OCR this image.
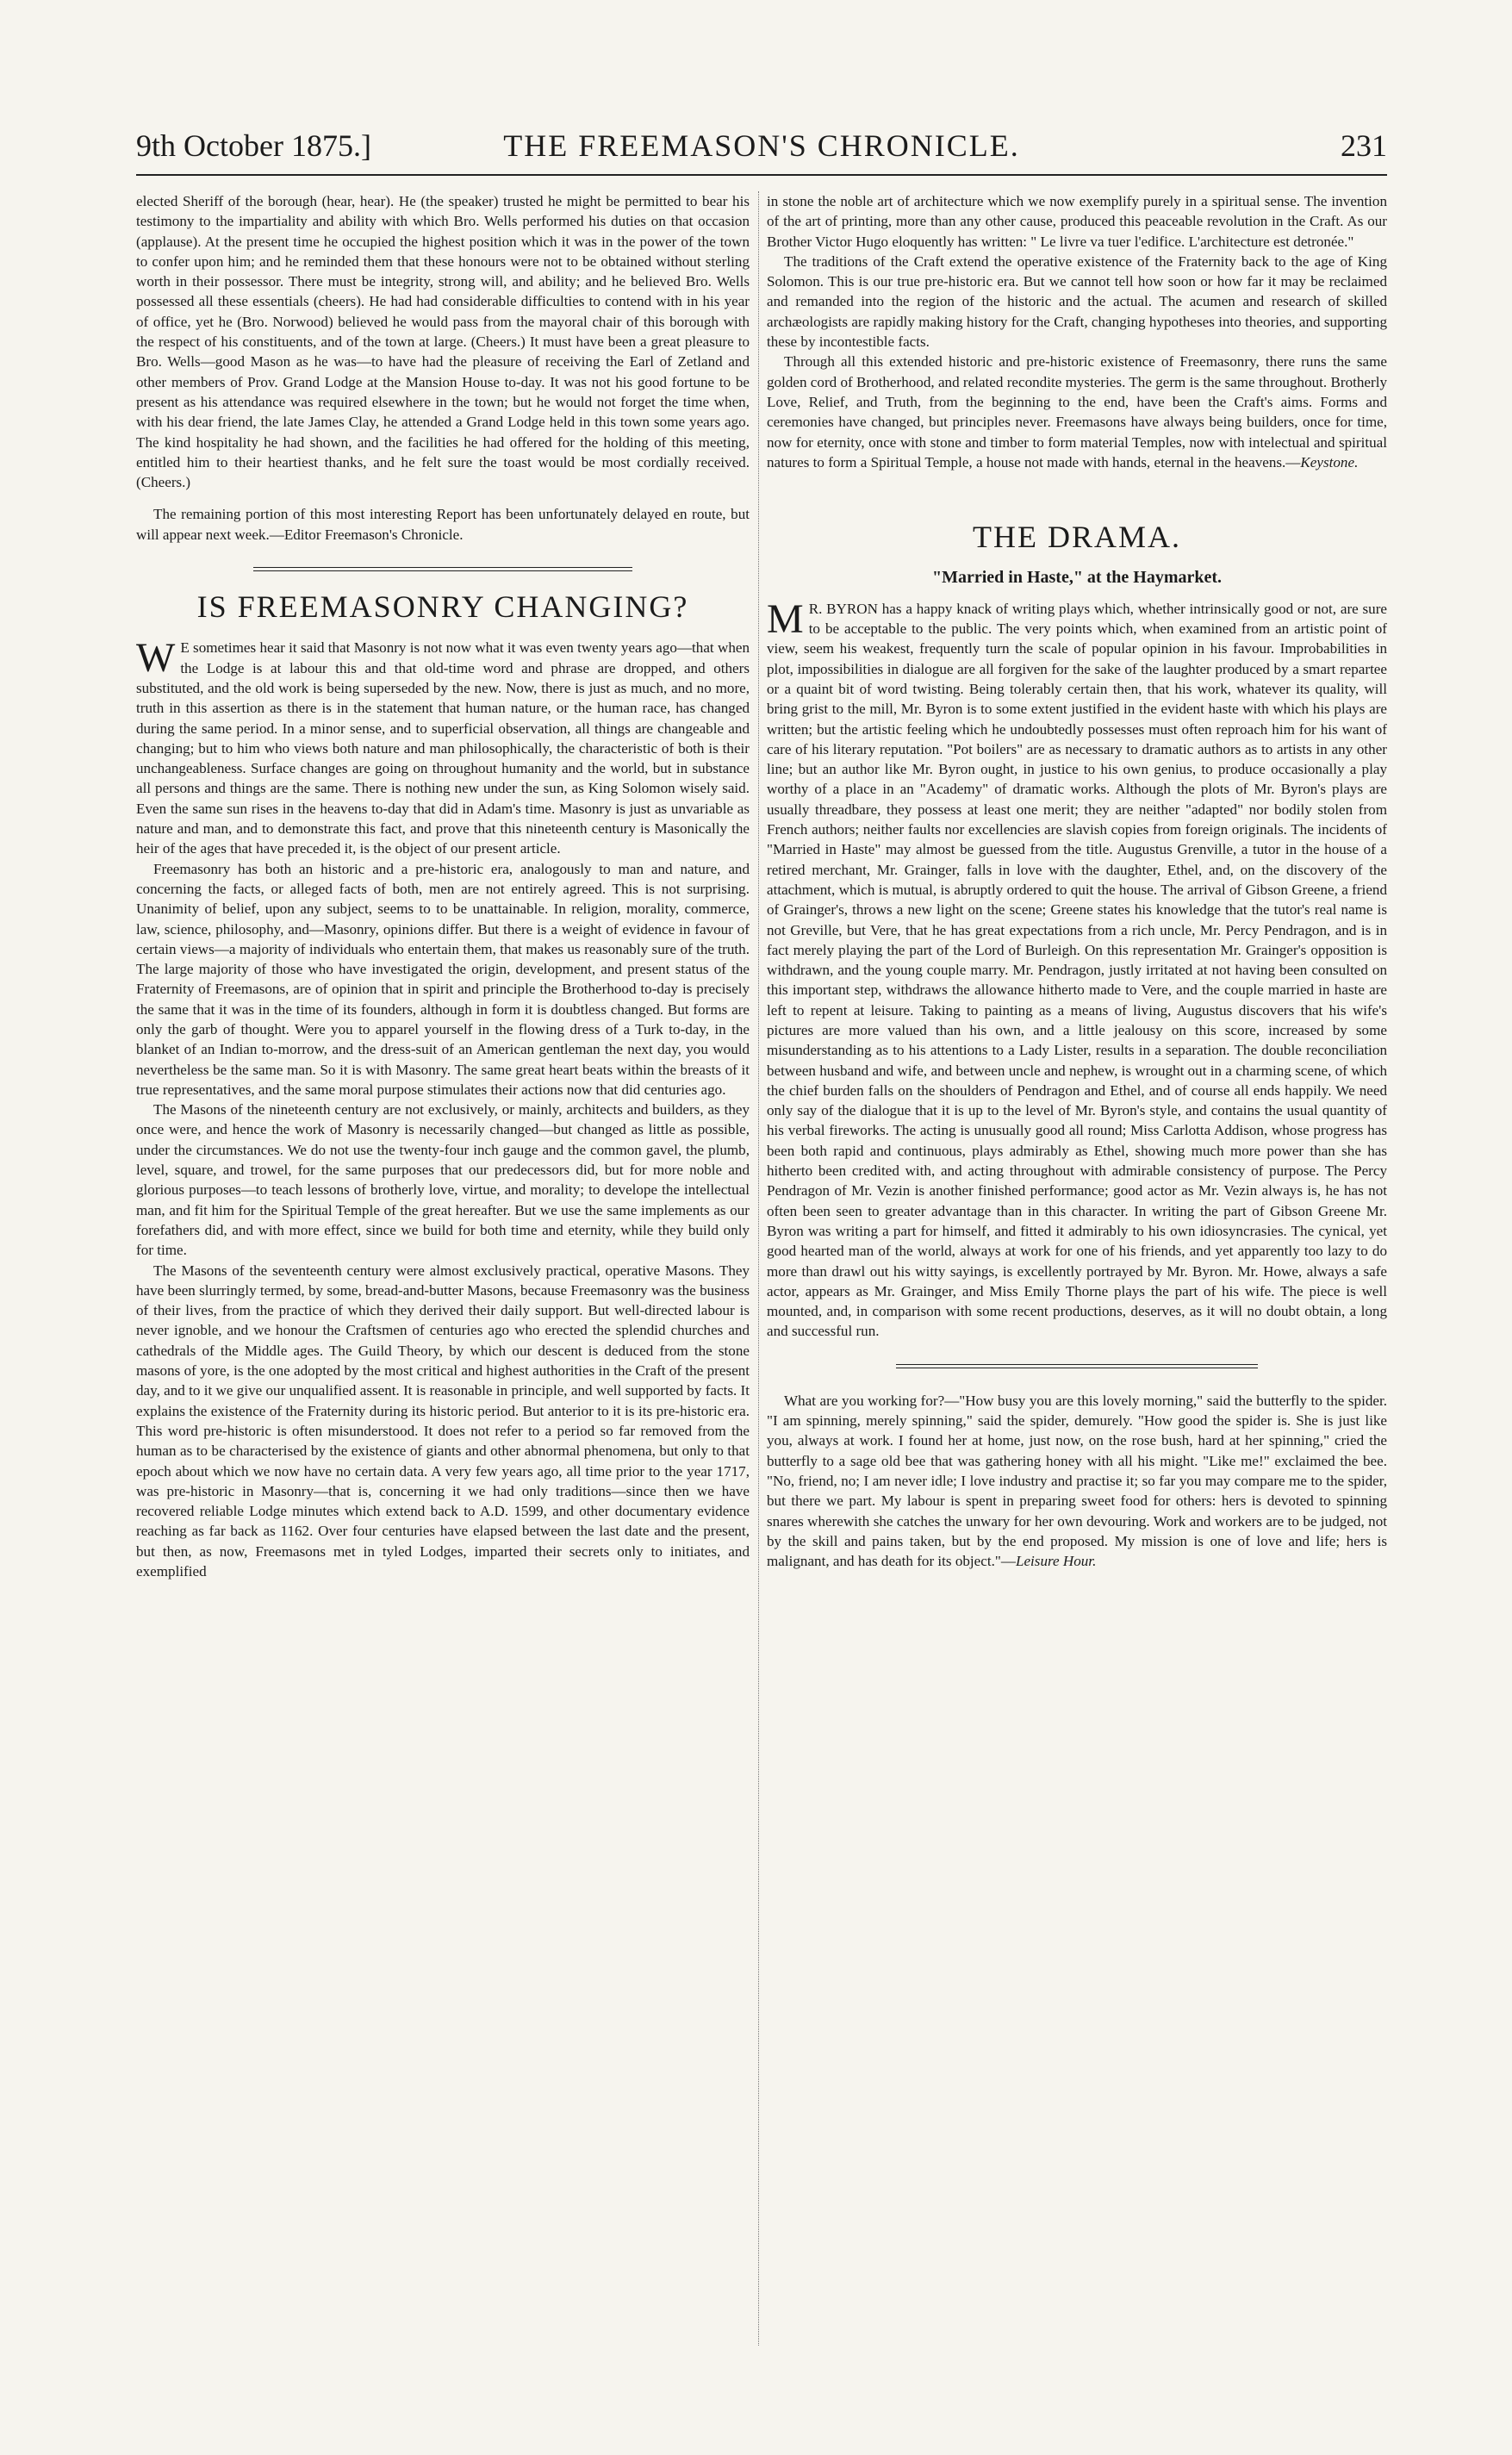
9th October 1875.]	THE FREEMASON'S CHRONICLE.	231

elected Sheriff of the borough (hear, hear). He (the speaker) trusted he might be permitted to bear his testimony to the impartiality and ability with which Bro. Wells performed his duties on that occasion (applause). At the present time he occupied the highest position which it was in the power of the town to confer upon him; and he reminded them that these honours were not to be obtained without sterling worth in their possessor. There must be integrity, strong will, and ability; and he believed Bro. Wells possessed all these essentials (cheers). He had had considerable difficulties to contend with in his year of office, yet he (Bro. Norwood) believed he would pass from the mayoral chair of this borough with the respect of his constituents, and of the town at large. (Cheers.) It must have been a great pleasure to Bro. Wells—good Mason as he was—to have had the pleasure of receiving the Earl of Zetland and other members of Prov. Grand Lodge at the Mansion House to-day. It was not his good fortune to be present as his attendance was required elsewhere in the town; but he would not forget the time when, with his dear friend, the late James Clay, he attended a Grand Lodge held in this town some years ago. The kind hospitality he had shown, and the facilities he had offered for the holding of this meeting, entitled him to their heartiest thanks, and he felt sure the toast would be most cordially received. (Cheers.)

The remaining portion of this most interesting Report has been unfortunately delayed en route, but will appear next week.—Editor Freemason's Chronicle.

IS FREEMASONRY CHANGING?

W E sometimes hear it said that Masonry is not now what it was even twenty years ago—that when the Lodge is at labour this and that old-time word and phrase are dropped, and others substituted, and the old work is being superseded by the new. Now, there is just as much, and no more, truth in this assertion as there is in the statement that human nature, or the human race, has changed during the same period. In a minor sense, and to superficial observation, all things are changeable and changing; but to him who views both nature and man philosophically, the characteristic of both is their unchangeableness. Surface changes are going on throughout humanity and the world, but in substance all persons and things are the same. There is nothing new under the sun, as King Solomon wisely said. Even the same sun rises in the heavens to-day that did in Adam's time. Masonry is just as unvariable as nature and man, and to demonstrate this fact, and prove that this nineteenth century is Masonically the heir of the ages that have preceded it, is the object of our present article.

Freemasonry has both an historic and a pre-historic era, analogously to man and nature, and concerning the facts, or alleged facts of both, men are not entirely agreed. This is not surprising. Unanimity of belief, upon any subject, seems to to be unattainable. In religion, morality, commerce, law, science, philosophy, and—Masonry, opinions differ. But there is a weight of evidence in favour of certain views—a majority of individuals who entertain them, that makes us reasonably sure of the truth. The large majority of those who have investigated the origin, development, and present status of the Fraternity of Freemasons, are of opinion that in spirit and principle the Brotherhood to-day is precisely the same that it was in the time of its founders, although in form it is doubtless changed. But forms are only the garb of thought. Were you to apparel yourself in the flowing dress of a Turk to-day, in the blanket of an Indian to-morrow, and the dress-suit of an American gentleman the next day, you would nevertheless be the same man. So it is with Masonry. The same great heart beats within the breasts of it true representatives, and the same moral purpose stimulates their actions now that did centuries ago.

The Masons of the nineteenth century are not exclusively, or mainly, architects and builders, as they once were, and hence the work of Masonry is necessarily changed—but changed as little as possible, under the circumstances. We do not use the twenty-four inch gauge and the common gavel, the plumb, level, square, and trowel, for the same purposes that our predecessors did, but for more noble and glorious purposes—to teach lessons of brotherly love, virtue, and morality; to develope the intellectual man, and fit him for the Spiritual Temple of the great hereafter. But we use the same implements as our forefathers did, and with more effect, since we build for both time and eternity, while they build only for time.

The Masons of the seventeenth century were almost exclusively practical, operative Masons. They have been slurringly termed, by some, bread-and-butter Masons, because Freemasonry was the business of their lives, from the practice of which they derived their daily support. But well-directed labour is never ignoble, and we honour the Craftsmen of centuries ago who erected the splendid churches and cathedrals of the Middle ages. The Guild Theory, by which our descent is deduced from the stone masons of yore, is the one adopted by the most critical and highest authorities in the Craft of the present day, and to it we give our unqualified assent. It is reasonable in principle, and well supported by facts. It explains the existence of the Fraternity during its historic period. But anterior to it is its pre-historic era. This word pre-historic is often misunderstood. It does not refer to a period so far removed from the human as to be characterised by the existence of giants and other abnormal phenomena, but only to that epoch about which we now have no certain data. A very few years ago, all time prior to the year 1717, was pre-historic in Masonry—that is, concerning it we had only traditions—since then we have recovered reliable Lodge minutes which extend back to A.D. 1599, and other documentary evidence reaching as far back as 1162. Over four centuries have elapsed between the last date and the present, but then, as now, Freemasons met in tyled Lodges, imparted their secrets only to initiates, and exemplified

in stone the noble art of architecture which we now exemplify purely in a spiritual sense. The invention of the art of printing, more than any other cause, produced this peaceable revolution in the Craft. As our Brother Victor Hugo eloquently has written: " Le livre va tuer l'edifice. L'architecture est detronée."

The traditions of the Craft extend the operative existence of the Fraternity back to the age of King Solomon. This is our true pre-historic era. But we cannot tell how soon or how far it may be reclaimed and remanded into the region of the historic and the actual. The acumen and research of skilled archæologists are rapidly making history for the Craft, changing hypotheses into theories, and supporting these by incontestible facts.

Through all this extended historic and pre-historic existence of Freemasonry, there runs the same golden cord of Brotherhood, and related recondite mysteries. The germ is the same throughout. Brotherly Love, Relief, and Truth, from the beginning to the end, have been the Craft's aims. Forms and ceremonies have changed, but principles never. Freemasons have always being builders, once for time, now for eternity, once with stone and timber to form material Temples, now with intelectual and spiritual natures to form a Spiritual Temple, a house not made with hands, eternal in the heavens.—Keystone.

THE DRAMA.
"Married in Haste," at the Haymarket.

M R. BYRON has a happy knack of writing plays which, whether intrinsically good or not, are sure to be acceptable to the public. The very points which, when examined from an artistic point of view, seem his weakest, frequently turn the scale of popular opinion in his favour. Improbabilities in plot, impossibilities in dialogue are all forgiven for the sake of the laughter produced by a smart repartee or a quaint bit of word twisting. Being tolerably certain then, that his work, whatever its quality, will bring grist to the mill, Mr. Byron is to some extent justified in the evident haste with which his plays are written; but the artistic feeling which he undoubtedly possesses must often reproach him for his want of care of his literary reputation. "Pot boilers" are as necessary to dramatic authors as to artists in any other line; but an author like Mr. Byron ought, in justice to his own genius, to produce occasionally a play worthy of a place in an "Academy" of dramatic works. Although the plots of Mr. Byron's plays are usually threadbare, they possess at least one merit; they are neither "adapted" nor bodily stolen from French authors; neither faults nor excellencies are slavish copies from foreign originals. The incidents of "Married in Haste" may almost be guessed from the title. Augustus Grenville, a tutor in the house of a retired merchant, Mr. Grainger, falls in love with the daughter, Ethel, and, on the discovery of the attachment, which is mutual, is abruptly ordered to quit the house. The arrival of Gibson Greene, a friend of Grainger's, throws a new light on the scene; Greene states his knowledge that the tutor's real name is not Greville, but Vere, that he has great expectations from a rich uncle, Mr. Percy Pendragon, and is in fact merely playing the part of the Lord of Burleigh. On this representation Mr. Grainger's opposition is withdrawn, and the young couple marry. Mr. Pendragon, justly irritated at not having been consulted on this important step, withdraws the allowance hitherto made to Vere, and the couple married in haste are left to repent at leisure. Taking to painting as a means of living, Augustus discovers that his wife's pictures are more valued than his own, and a little jealousy on this score, increased by some misunderstanding as to his attentions to a Lady Lister, results in a separation. The double reconciliation between husband and wife, and between uncle and nephew, is wrought out in a charming scene, of which the chief burden falls on the shoulders of Pendragon and Ethel, and of course all ends happily. We need only say of the dialogue that it is up to the level of Mr. Byron's style, and contains the usual quantity of his verbal fireworks. The acting is unusually good all round; Miss Carlotta Addison, whose progress has been both rapid and continuous, plays admirably as Ethel, showing much more power than she has hitherto been credited with, and acting throughout with admirable consistency of purpose. The Percy Pendragon of Mr. Vezin is another finished performance; good actor as Mr. Vezin always is, he has not often been seen to greater advantage than in this character. In writing the part of Gibson Greene Mr. Byron was writing a part for himself, and fitted it admirably to his own idiosyncrasies. The cynical, yet good hearted man of the world, always at work for one of his friends, and yet apparently too lazy to do more than drawl out his witty sayings, is excellently portrayed by Mr. Byron. Mr. Howe, always a safe actor, appears as Mr. Grainger, and Miss Emily Thorne plays the part of his wife. The piece is well mounted, and, in comparison with some recent productions, deserves, as it will no doubt obtain, a long and successful run.

What are you working for?—"How busy you are this lovely morning," said the butterfly to the spider. "I am spinning, merely spinning," said the spider, demurely. "How good the spider is. She is just like you, always at work. I found her at home, just now, on the rose bush, hard at her spinning," cried the butterfly to a sage old bee that was gathering honey with all his might. "Like me!" exclaimed the bee. "No, friend, no; I am never idle; I love industry and practise it; so far you may compare me to the spider, but there we part. My labour is spent in preparing sweet food for others: hers is devoted to spinning snares wherewith she catches the unwary for her own devouring. Work and workers are to be judged, not by the skill and pains taken, but by the end proposed. My mission is one of love and life; hers is malignant, and has death for its object."—Leisure Hour.
